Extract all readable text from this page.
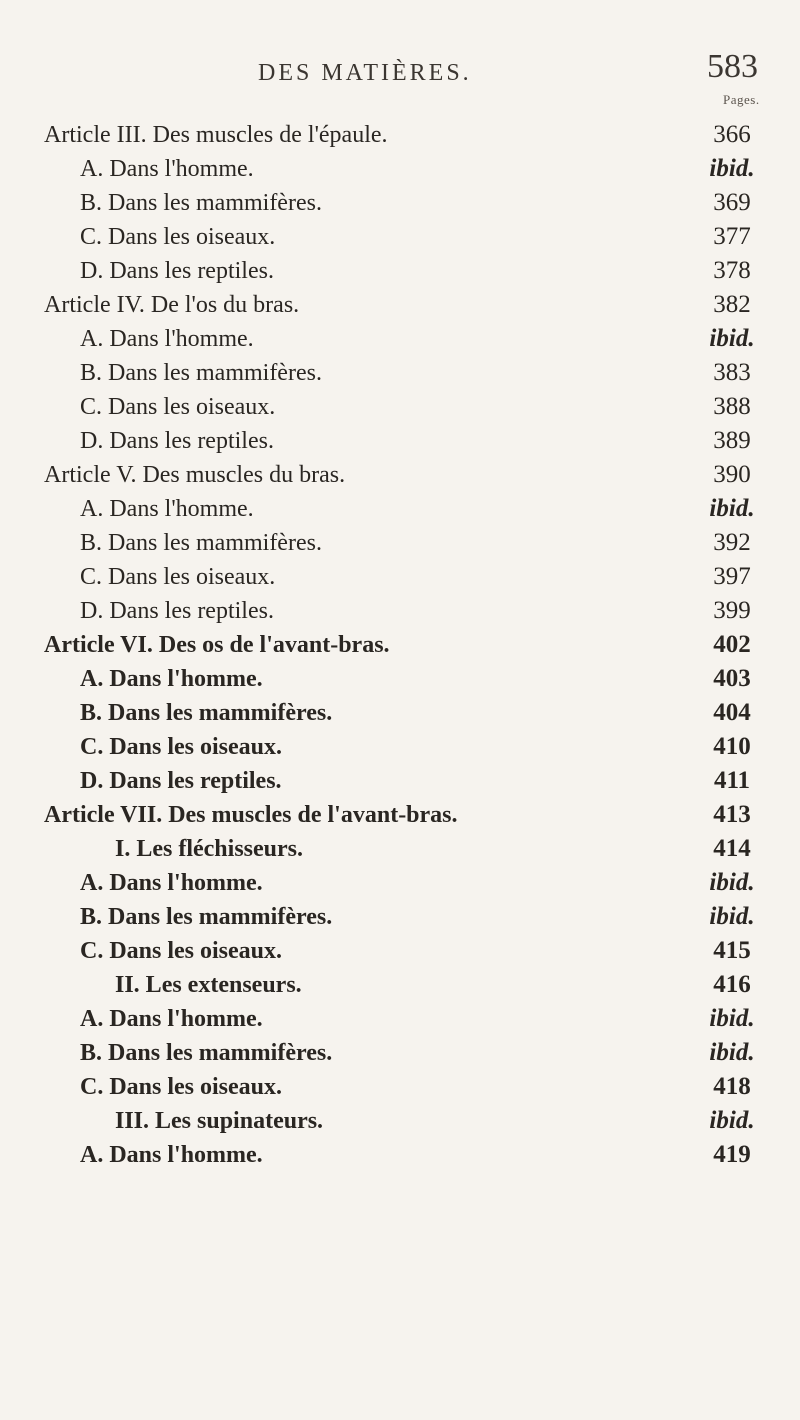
DES MATIÈRES.	583
Pages.
Article III. Des muscles de l'épaule.	366
A. Dans l'homme.	ibid.
B. Dans les mammifères.	369
C. Dans les oiseaux.	377
D. Dans les reptiles.	378
Article IV. De l'os du bras.	382
A. Dans l'homme.	ibid.
B. Dans les mammifères.	383
C. Dans les oiseaux.	388
D. Dans les reptiles.	389
Article V. Des muscles du bras.	390
A. Dans l'homme.	ibid.
B. Dans les mammifères.	392
C. Dans les oiseaux.	397
D. Dans les reptiles.	399
Article VI. Des os de l'avant-bras.	402
A. Dans l'homme.	403
B. Dans les mammifères.	404
C. Dans les oiseaux.	410
D. Dans les reptiles.	411
Article VII. Des muscles de l'avant-bras.	413
I. Les fléchisseurs.	414
A. Dans l'homme.	ibid.
B. Dans les mammifères.	ibid.
C. Dans les oiseaux.	415
II. Les extenseurs.	416
A. Dans l'homme.	ibid.
B. Dans les mammifères.	ibid.
C. Dans les oiseaux.	418
III. Les supinateurs.	ibid.
A. Dans l'homme.	419
